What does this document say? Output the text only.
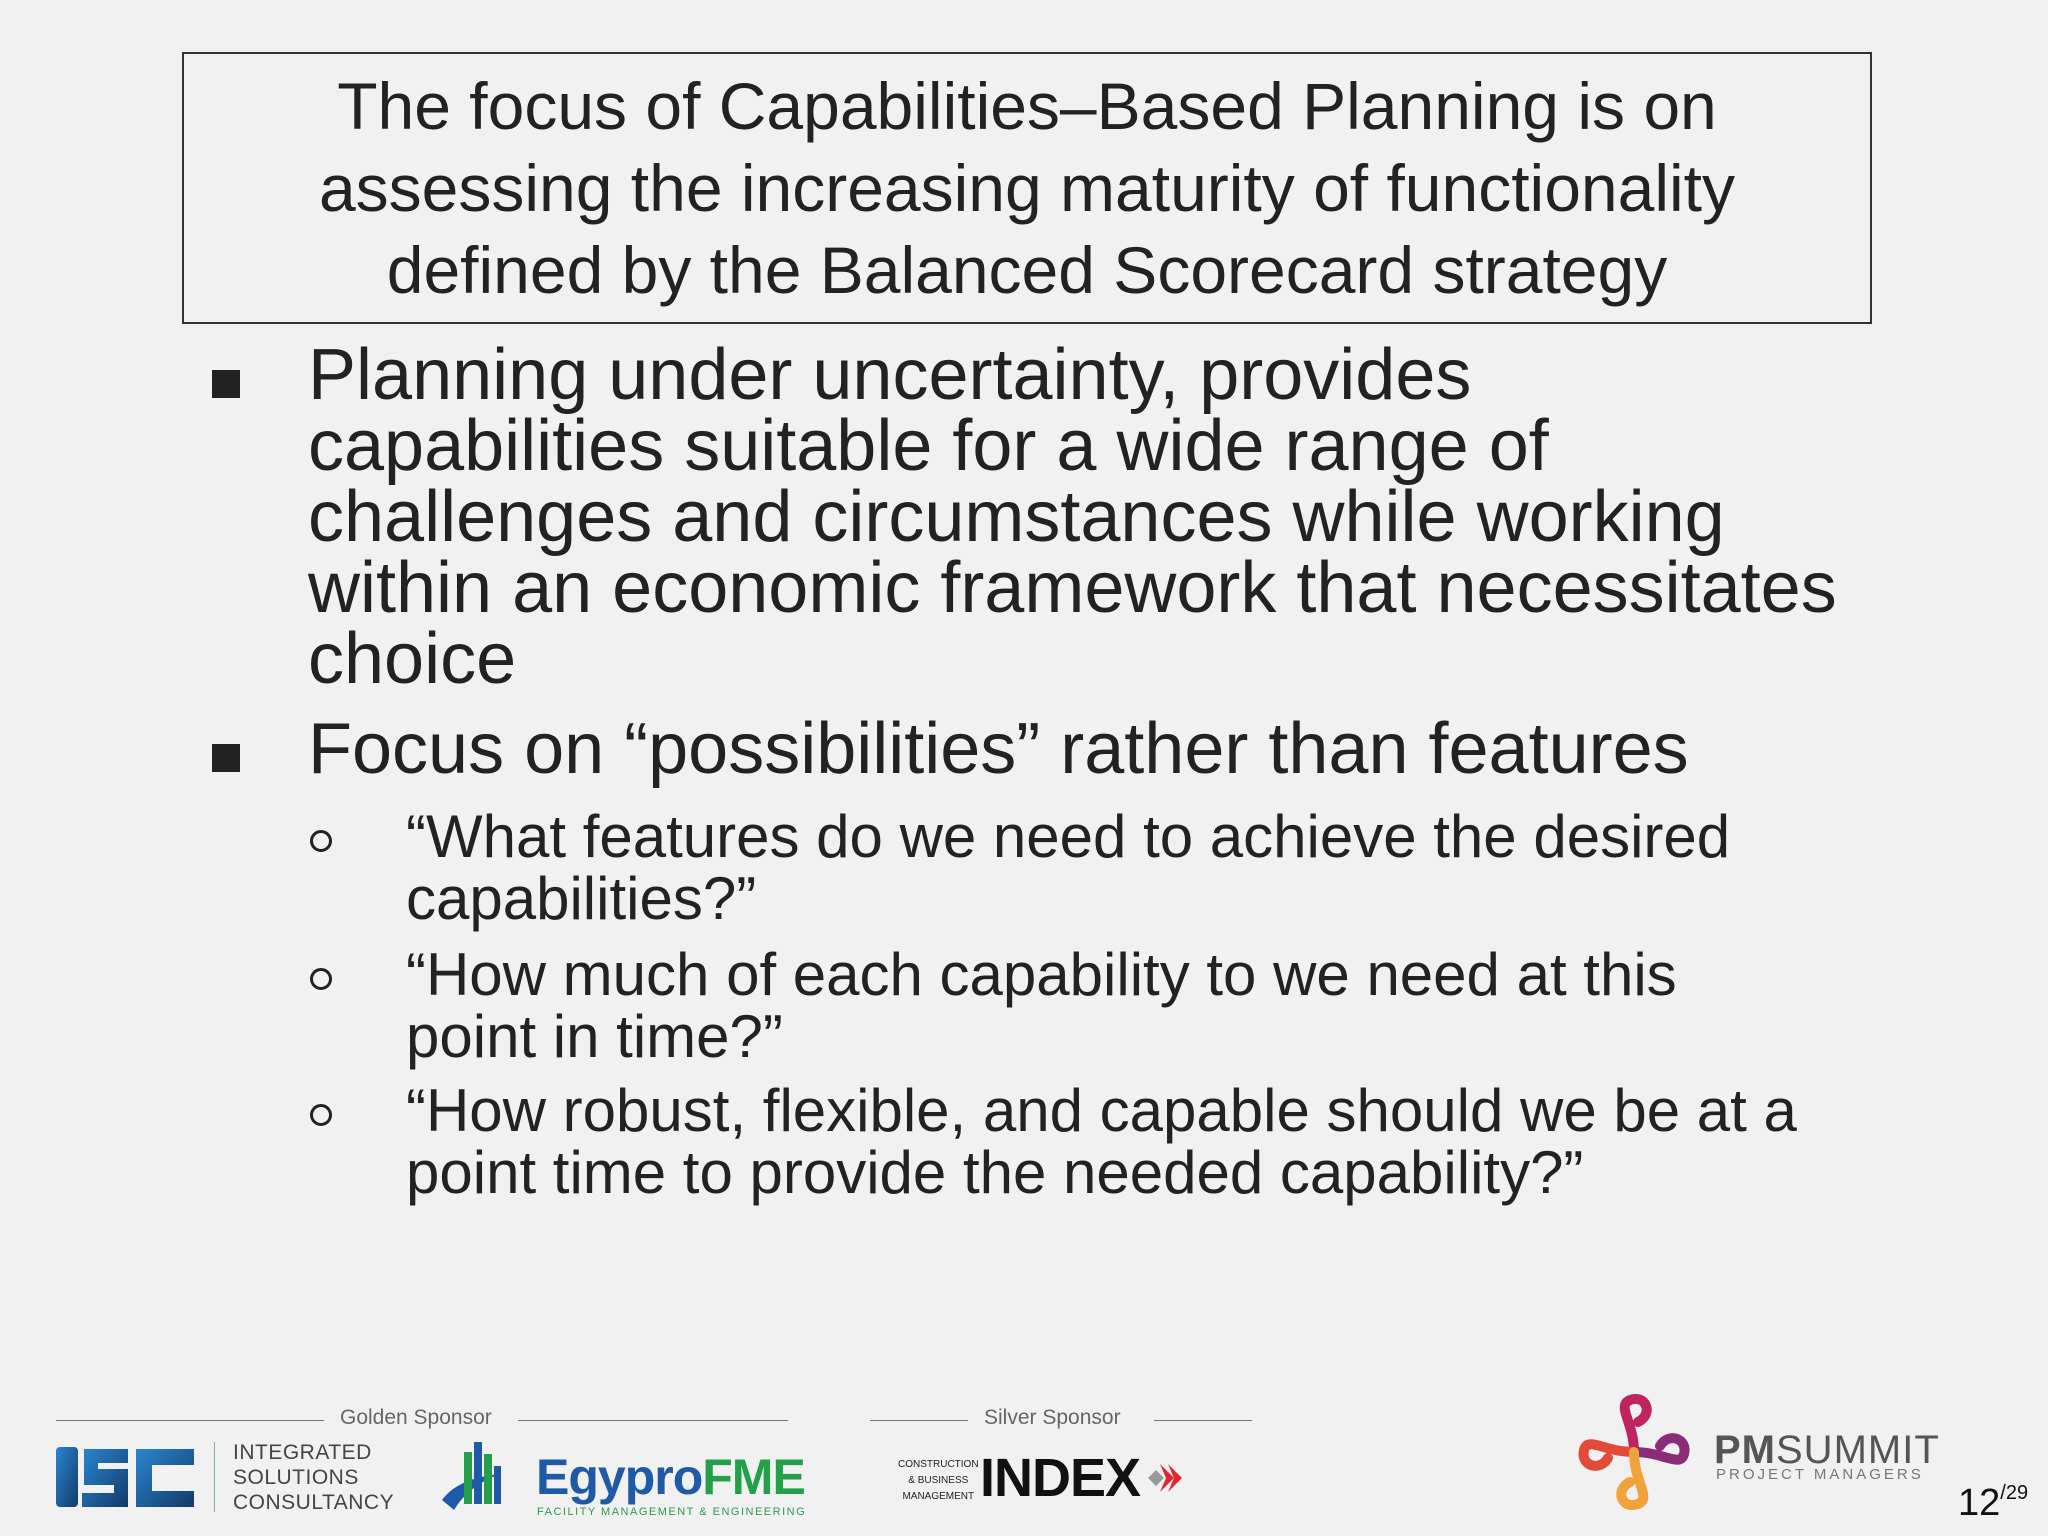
The focus of Capabilities–Based Planning is on
assessing the increasing maturity of functionality
defined by the Balanced Scorecard strategy
Planning under uncertainty, provides
capabilities suitable for a wide range of
challenges and circumstances while working
within an economic framework that necessitates
choice
Focus on “possibilities” rather than features
“What features do we need to achieve the desired
capabilities?”
“How much of each capability to we need at this
point in time?”
“How robust, flexible, and capable should we be at a
point time to provide the needed capability?”
Golden Sponsor	Silver Sponsor
INTEGRATED
SOLUTIONS
CONSULTANCY	EgyproFME
FACILITY MANAGEMENT & ENGINEERING
CONSTRUCTION
& BUSINESS
MANAGEMENT INDEX	PMSUMMIT
PROJECT MANAGERS
$12^{/29}$
